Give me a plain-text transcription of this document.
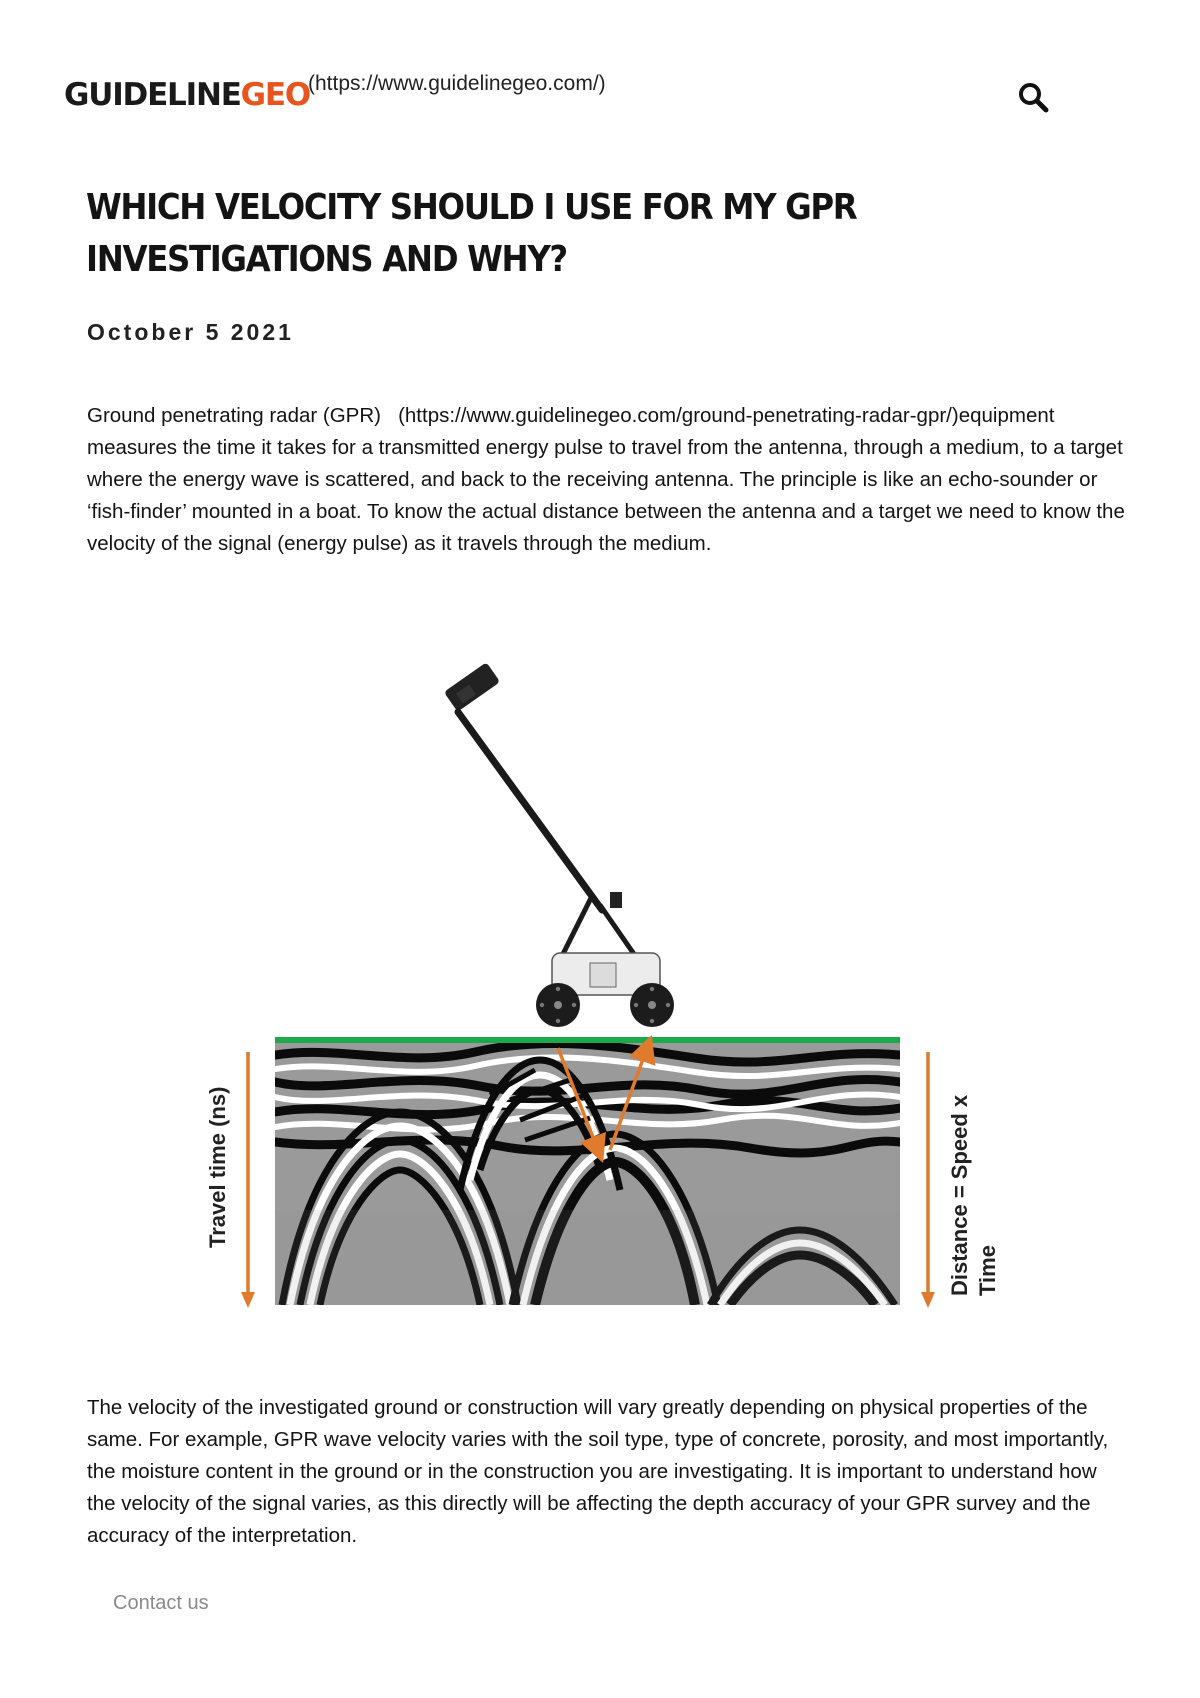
GUIDELINEGEO
(https://www.guidelinegeo.com/)
WHICH VELOCITY SHOULD I USE FOR MY GPR INVESTIGATIONS AND WHY?
October 5 2021

Ground penetrating radar (GPR) (https://www.guidelinegeo.com/ground-penetrating-radar-gpr/)equipment measures the time it takes for a transmitted energy pulse to travel from the antenna, through a medium, to a target where the energy wave is scattered, and back to the receiving antenna. The principle is like an echo-sounder or ‘fish-finder’ mounted in a boat. To know the actual distance between the antenna and a target we need to know the velocity of the signal (energy pulse) as it travels through the medium.

Travel time (ns)	Distance = Speed x Time

The velocity of the investigated ground or construction will vary greatly depending on physical properties of the same. For example, GPR wave velocity varies with the soil type, type of concrete, porosity, and most importantly, the moisture content in the ground or in the construction you are investigating. It is important to understand how the velocity of the signal varies, as this directly will be affecting the depth accuracy of your GPR survey and the accuracy of the interpretation.

Contact us
